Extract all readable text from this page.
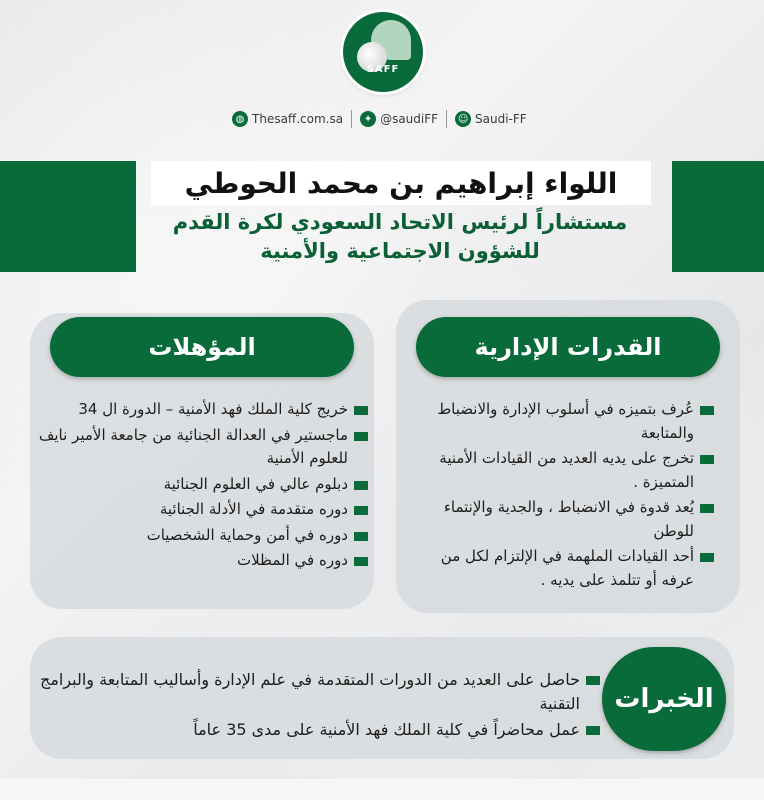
SAFF
◍ Thesaff.com.sa	✦ @saudiFF ☺ Saudi-FF
اللواء إبراهيم بن محمد الحوطي
مستشاراً لرئيس الاتحاد السعودي لكرة القدم
للشؤون الاجتماعية والأمنية
القدرات الإدارية
عُرف بتميزه في أسلوب الإدارة والانضباط والمتابعة
تخرج على يديه العديد من القيادات الأمنية المتميزة .
يُعد قدوة في الانضباط ، والجدية والإنتماء للوطن
أحد القيادات الملهمة في الإلتزام لكل من عرفه أو تتلمذ على يديه .
المؤهلات
خريج كلية الملك فهد الأمنية – الدورة ال 34
ماجستير في العدالة الجنائية من جامعة الأمير نايف للعلوم الأمنية
دبلوم عالي في العلوم الجنائية
دوره متقدمة في الأدلة الجنائية
دوره في أمن وحماية الشخصيات
دوره في المظلات
الخبرات
حاصل على العديد من الدورات المتقدمة في علم الإدارة وأساليب المتابعة والبرامج التقنية
عمل محاضراً في كلية الملك فهد الأمنية على مدى 35 عاماً
